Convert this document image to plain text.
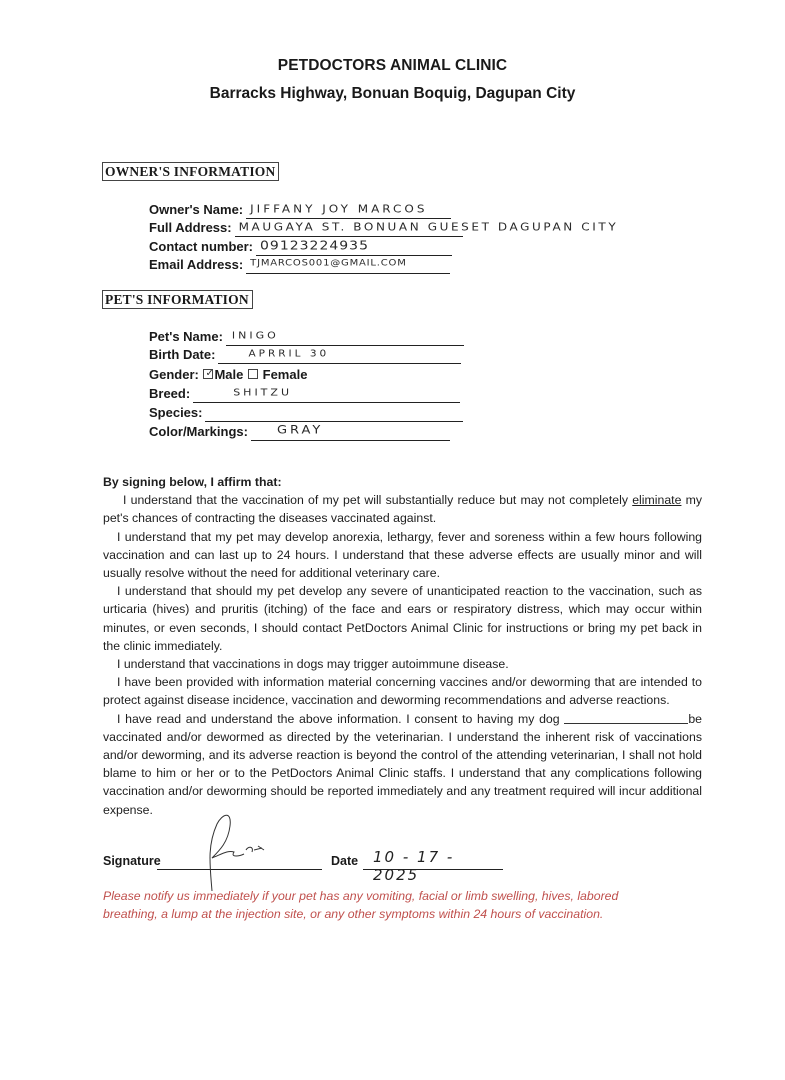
PETDOCTORS ANIMAL CLINIC
Barracks Highway, Bonuan Boquig, Dagupan City
OWNER'S INFORMATION
Owner's Name: JIFFANY JOY MARCOS
Full Address: MAUGAYA ST. BONUAN GUESET DAGUPAN CITY
Contact number: 09123224935
Email Address: TJMARCOS001@GMAIL.COM
PET'S INFORMATION
Pet's Name: INIGO
Birth Date:	APRRIL 30
Gender: ✓ Male Female
Breed:	SHITZU
Species:
Color/Markings: GRAY
By signing below, I affirm that:

I understand that the vaccination of my pet will substantially reduce but may not completely eliminate my pet's chances of contracting the diseases vaccinated against.

I understand that my pet may develop anorexia, lethargy, fever and soreness within a few hours following vaccination and can last up to 24 hours. I understand that these adverse effects are usually minor and will usually resolve without the need for additional veterinary care.

I understand that should my pet develop any severe of unanticipated reaction to the vaccination, such as urticaria (hives) and pruritis (itching) of the face and ears or respiratory distress, which may occur within minutes, or even seconds, I should contact PetDoctors Animal Clinic for instructions or bring my pet back in the clinic immediately.

I understand that vaccinations in dogs may trigger autoimmune disease.

I have been provided with information material concerning vaccines and/or deworming that are intended to protect against disease incidence, vaccination and deworming recommendations and adverse reactions.

I have read and understand the above information. I consent to having my dog	be vaccinated and/or dewormed as directed by the veterinarian. I understand the inherent risk of vaccinations and/or deworming, and its adverse reaction is beyond the control of the attending veterinarian, I shall not hold blame to him or her or to the PetDoctors Animal Clinic staffs. I understand that any complications following vaccination and/or deworming should be reported immediately and any treatment required will incur additional expense.

Signature	Date 10 - 17 - 2025
Please notify us immediately if your pet has any vomiting, facial or limb swelling, hives, labored breathing, a lump at the injection site, or any other symptoms within 24 hours of vaccination.
